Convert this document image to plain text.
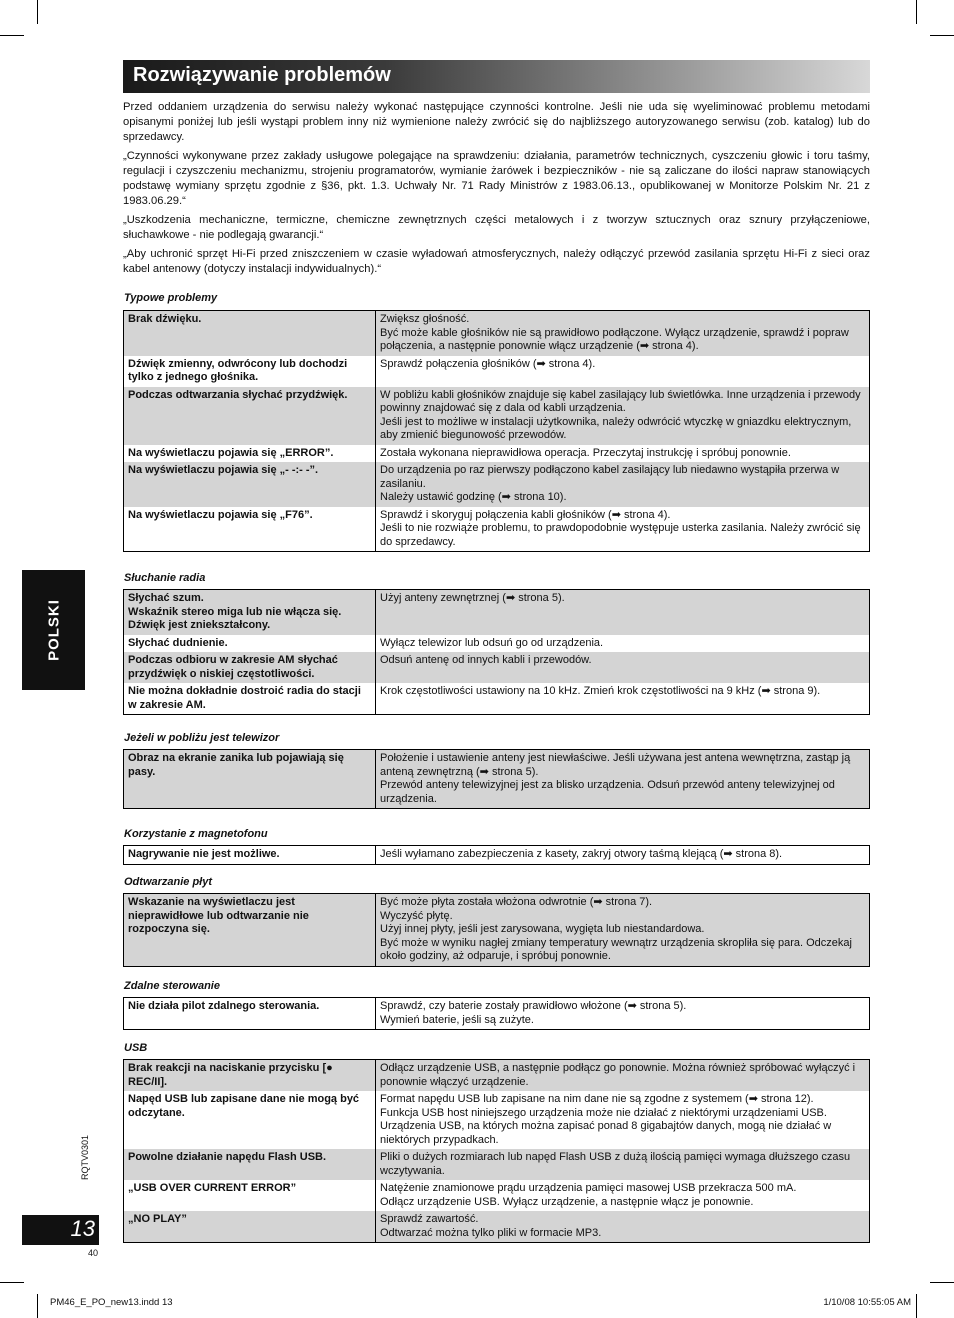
Rozwiązywanie problemów

Przed oddaniem urządzenia do serwisu należy wykonać następujące czynności kontrolne. Jeśli nie uda się wyeliminować problemu metodami opisanymi poniżej lub jeśli wystąpi problem inny niż wymienione należy zwrócić się do najbliższego autoryzowanego serwisu (zob. katalog) lub do sprzedawcy.

„Czynności wykonywane przez zakłady usługowe polegające na sprawdzeniu: działania, parametrów technicznych, cyszczeniu głowic i toru taśmy, regulacji i czyszczeniu mechanizmu, strojeniu programatorów, wymianie żarówek i bezpieczników - nie są zaliczane do ilości napraw stanowiących podstawę wymiany sprzętu zgodnie z §36, pkt. 1.3. Uchwały Nr. 71 Rady Ministrów z 1983.06.13., opublikowanej w Monitorze Polskim Nr. 21 z 1983.06.29.“

„Uszkodzenia mechaniczne, termiczne, chemiczne zewnętrznych części metalowych i z tworzyw sztucznych oraz sznury przyłączeniowe, słuchawkowe - nie podlegają gwarancji.“

„Aby uchronić sprzęt Hi-Fi przed zniszczeniem w czasie wyładowań atmosferycznych, należy odłączyć przewód zasilania sprzętu Hi-Fi z sieci oraz kabel antenowy (dotyczy instalacji indywidualnych).“

Typowe problemy
Brak dźwięku.	Zwiększ głośność.
Być może kable głośników nie są prawidłowo podłączone. Wyłącz urządzenie, sprawdź i popraw połączenia, a następnie ponownie włącz urządzenie (➡ strona 4).
Dźwięk zmienny, odwrócony lub dochodzi tylko z jednego głośnika.	Sprawdź połączenia głośników (➡ strona 4).
Podczas odtwarzania słychać przydźwięk.	W pobliżu kabli głośników znajduje się kabel zasilający lub świetlówka. Inne urządzenia i przewody powinny znajdować się z dala od kabli urządzenia.
Jeśli jest to możliwe w instalacji użytkownika, należy odwrócić wtyczkę w gniazdku elektrycznym, aby zmienić biegunowość przewodów.
Na wyświetlaczu pojawia się „ERROR”.	Została wykonana nieprawidłowa operacja. Przeczytaj instrukcję i spróbuj ponownie.
Na wyświetlaczu pojawia się „- -:- -”.	Do urządzenia po raz pierwszy podłączono kabel zasilający lub niedawno wystąpiła przerwa w zasilaniu.
Należy ustawić godzinę (➡ strona 10).
Na wyświetlaczu pojawia się „F76”.	Sprawdź i skoryguj połączenia kabli głośników (➡ strona 4).
Jeśli to nie rozwiąże problemu, to prawdopodobnie występuje usterka zasilania. Należy zwrócić się do sprzedawcy.
Słuchanie radia
Słychać szum.
Wskaźnik stereo miga lub nie włącza się.
Dźwięk jest zniekształcony.	Użyj anteny zewnętrznej (➡ strona 5).
Słychać dudnienie.	Wyłącz telewizor lub odsuń go od urządzenia.
Podczas odbioru w zakresie AM słychać przydźwięk o niskiej częstotliwości.	Odsuń antenę od innych kabli i przewodów.
Nie można dokładnie dostroić radia do stacji w zakresie AM.	Krok częstotliwości ustawiony na 10 kHz. Zmień krok częstotliwości na 9 kHz (➡ strona 9).
Jeżeli w pobliżu jest telewizor
Obraz na ekranie zanika lub pojawiają się pasy.	Położenie i ustawienie anteny jest niewłaściwe. Jeśli używana jest antena wewnętrzna, zastąp ją anteną zewnętrzną (➡ strona 5).
Przewód anteny telewizyjnej jest za blisko urządzenia. Odsuń przewód anteny telewizyjnej od urządzenia.
Korzystanie z magnetofonu
Nagrywanie nie jest możliwe.	Jeśli wyłamano zabezpieczenia z kasety, zakryj otwory taśmą klejącą (➡ strona 8).
Odtwarzanie płyt
Wskazanie na wyświetlaczu jest nieprawidłowe lub odtwarzanie nie rozpoczyna się.	Być może płyta została włożona odwrotnie (➡ strona 7).
Wyczyść płytę.
Użyj innej płyty, jeśli jest zarysowana, wygięta lub niestandardowa.
Być może w wyniku nagłej zmiany temperatury wewnątrz urządzenia skropliła się para. Odczekaj około godziny, aż odparuje, i spróbuj ponownie.
Zdalne sterowanie
Nie działa pilot zdalnego sterowania.	Sprawdź, czy baterie zostały prawidłowo włożone (➡ strona 5).
Wymień baterie, jeśli są zużyte.
USB
Brak reakcji na naciskanie przycisku [● REC/II].	Odłącz urządzenie USB, a następnie podłącz go ponownie. Można również spróbować wyłączyć i ponownie włączyć urządzenie.
Napęd USB lub zapisane dane nie mogą być odczytane.	Format napędu USB lub zapisane na nim dane nie są zgodne z systemem (➡ strona 12).
Funkcja USB host niniejszego urządzenia może nie działać z niektórymi urządzeniami USB.
Urządzenia USB, na których można zapisać ponad 8 gigabajtów danych, mogą nie działać w niektórych przypadkach.
Powolne działanie napędu Flash USB.	Pliki o dużych rozmiarach lub napęd Flash USB z dużą ilością pamięci wymaga dłuższego czasu wczytywania.
„USB OVER CURRENT ERROR”	Natężenie znamionowe prądu urządzenia pamięci masowej USB przekracza 500 mA.
Odłącz urządzenie USB. Wyłącz urządzenie, a następnie włącz je ponownie.
„NO PLAY”	Sprawdź zawartość.
Odtwarzać można tylko pliki w formacie MP3.
POLSKI
RQTV0301
13
40
PM46_E_PO_new13.indd 13	1/10/08 10:55:05 AM
